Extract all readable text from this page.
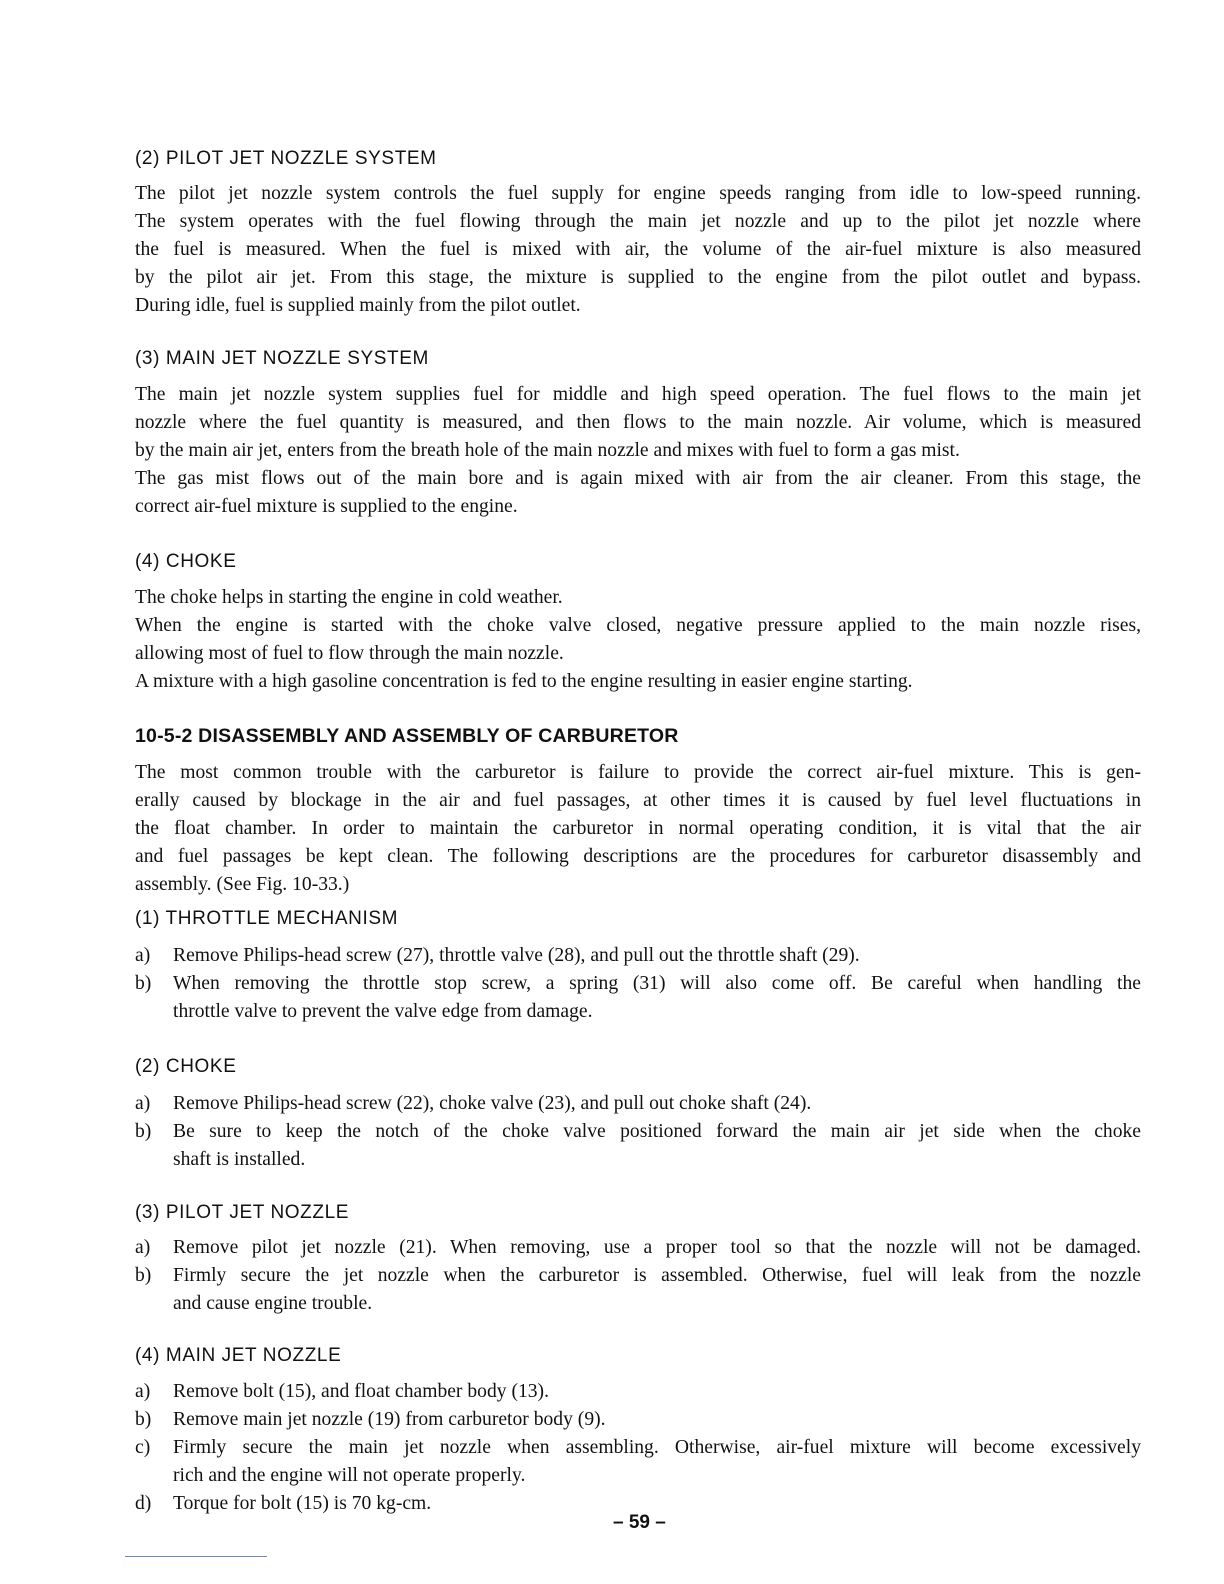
(2) PILOT JET NOZZLE SYSTEM
The pilot jet nozzle system controls the fuel supply for engine speeds ranging from idle to low-speed running.
The system operates with the fuel flowing through the main jet nozzle and up to the pilot jet nozzle where
the fuel is measured. When the fuel is mixed with air, the volume of the air-fuel mixture is also measured
by the pilot air jet. From this stage, the mixture is supplied to the engine from the pilot outlet and bypass.
During idle, fuel is supplied mainly from the pilot outlet.
(3) MAIN JET NOZZLE SYSTEM
The main jet nozzle system supplies fuel for middle and high speed operation. The fuel flows to the main jet
nozzle where the fuel quantity is measured, and then flows to the main nozzle. Air volume, which is measured
by the main air jet, enters from the breath hole of the main nozzle and mixes with fuel to form a gas mist.
The gas mist flows out of the main bore and is again mixed with air from the air cleaner. From this stage, the
correct air-fuel mixture is supplied to the engine.
(4) CHOKE
The choke helps in starting the engine in cold weather.
When the engine is started with the choke valve closed, negative pressure applied to the main nozzle rises,
allowing most of fuel to flow through the main nozzle.
A mixture with a high gasoline concentration is fed to the engine resulting in easier engine starting.
10-5-2 DISASSEMBLY AND ASSEMBLY OF CARBURETOR
The most common trouble with the carburetor is failure to provide the correct air-fuel mixture. This is gen-
erally caused by blockage in the air and fuel passages, at other times it is caused by fuel level fluctuations in
the float chamber. In order to maintain the carburetor in normal operating condition, it is vital that the air
and fuel passages be kept clean. The following descriptions are the procedures for carburetor disassembly and
assembly. (See Fig. 10-33.)
(1) THROTTLE MECHANISM
a) Remove Philips-head screw (27), throttle valve (28), and pull out the throttle shaft (29).
b) When removing the throttle stop screw, a spring (31) will also come off. Be careful when handling the
throttle valve to prevent the valve edge from damage.
(2) CHOKE
a) Remove Philips-head screw (22), choke valve (23), and pull out choke shaft (24).
b) Be sure to keep the notch of the choke valve positioned forward the main air jet side when the choke
shaft is installed.
(3) PILOT JET NOZZLE
a) Remove pilot jet nozzle (21). When removing, use a proper tool so that the nozzle will not be damaged.
b) Firmly secure the jet nozzle when the carburetor is assembled. Otherwise, fuel will leak from the nozzle
and cause engine trouble.
(4) MAIN JET NOZZLE
a) Remove bolt (15), and float chamber body (13).
b) Remove main jet nozzle (19) from carburetor body (9).
c) Firmly secure the main jet nozzle when assembling. Otherwise, air-fuel mixture will become excessively
rich and the engine will not operate properly.
d) Torque for bolt (15) is 70 kg-cm.
– 59 –
